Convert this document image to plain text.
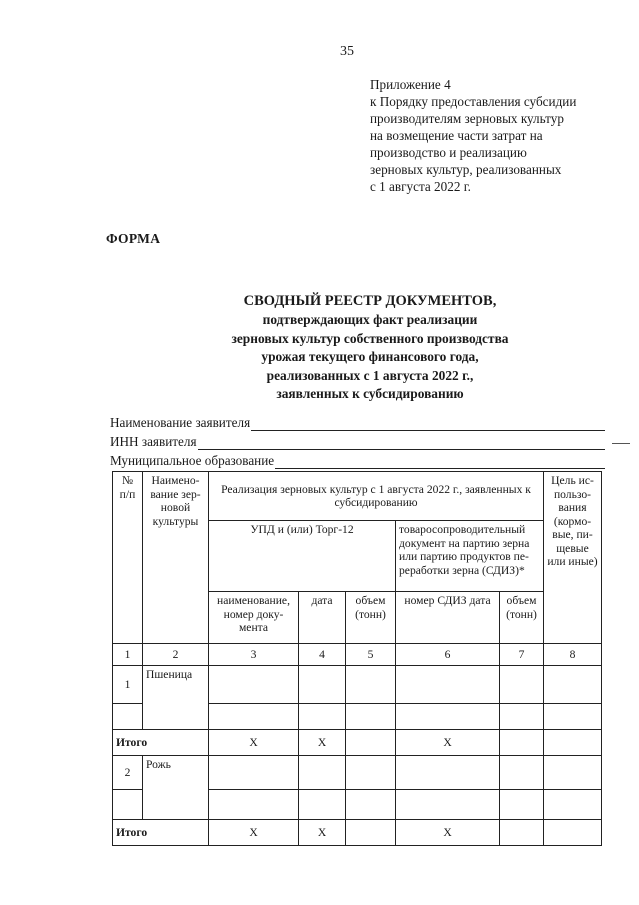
35
Приложение 4
к Порядку предоставления субсидии
производителям зерновых культур
на возмещение части затрат на
производство и реализацию
зерновых культур, реализованных
с 1 августа 2022 г.
ФОРМА
СВОДНЫЙ РЕЕСТР ДОКУМЕНТОВ,
подтверждающих факт реализации
зерновых культур собственного производства
урожая текущего финансового года,
реализованных с 1 августа 2022 г.,
заявленных к субсидированию
Наименование заявителя
ИНН заявителя
Муниципальное образование
№ п/п	Наимено-вание зер-новой культуры	Реализация зерновых культур с 1 августа 2022 г., заявленных к субсидированию					Цель ис-пользо-вания (кормо-вые, пи-щевые или иные)
		УПД и (или) Торг-12			товаросопроводительный документ на партию зерна или партию продуктов пе-реработки зерна (СДИЗ)*		
		наименование, номер доку-мента	дата	объем (тонн)	номер СДИЗ дата	объем (тонн)	
1	2	3	4	5	6	7	8
1	Пшеница						

Итого		Х	Х		Х		
2	Рожь						

Итого		Х	Х		Х		
